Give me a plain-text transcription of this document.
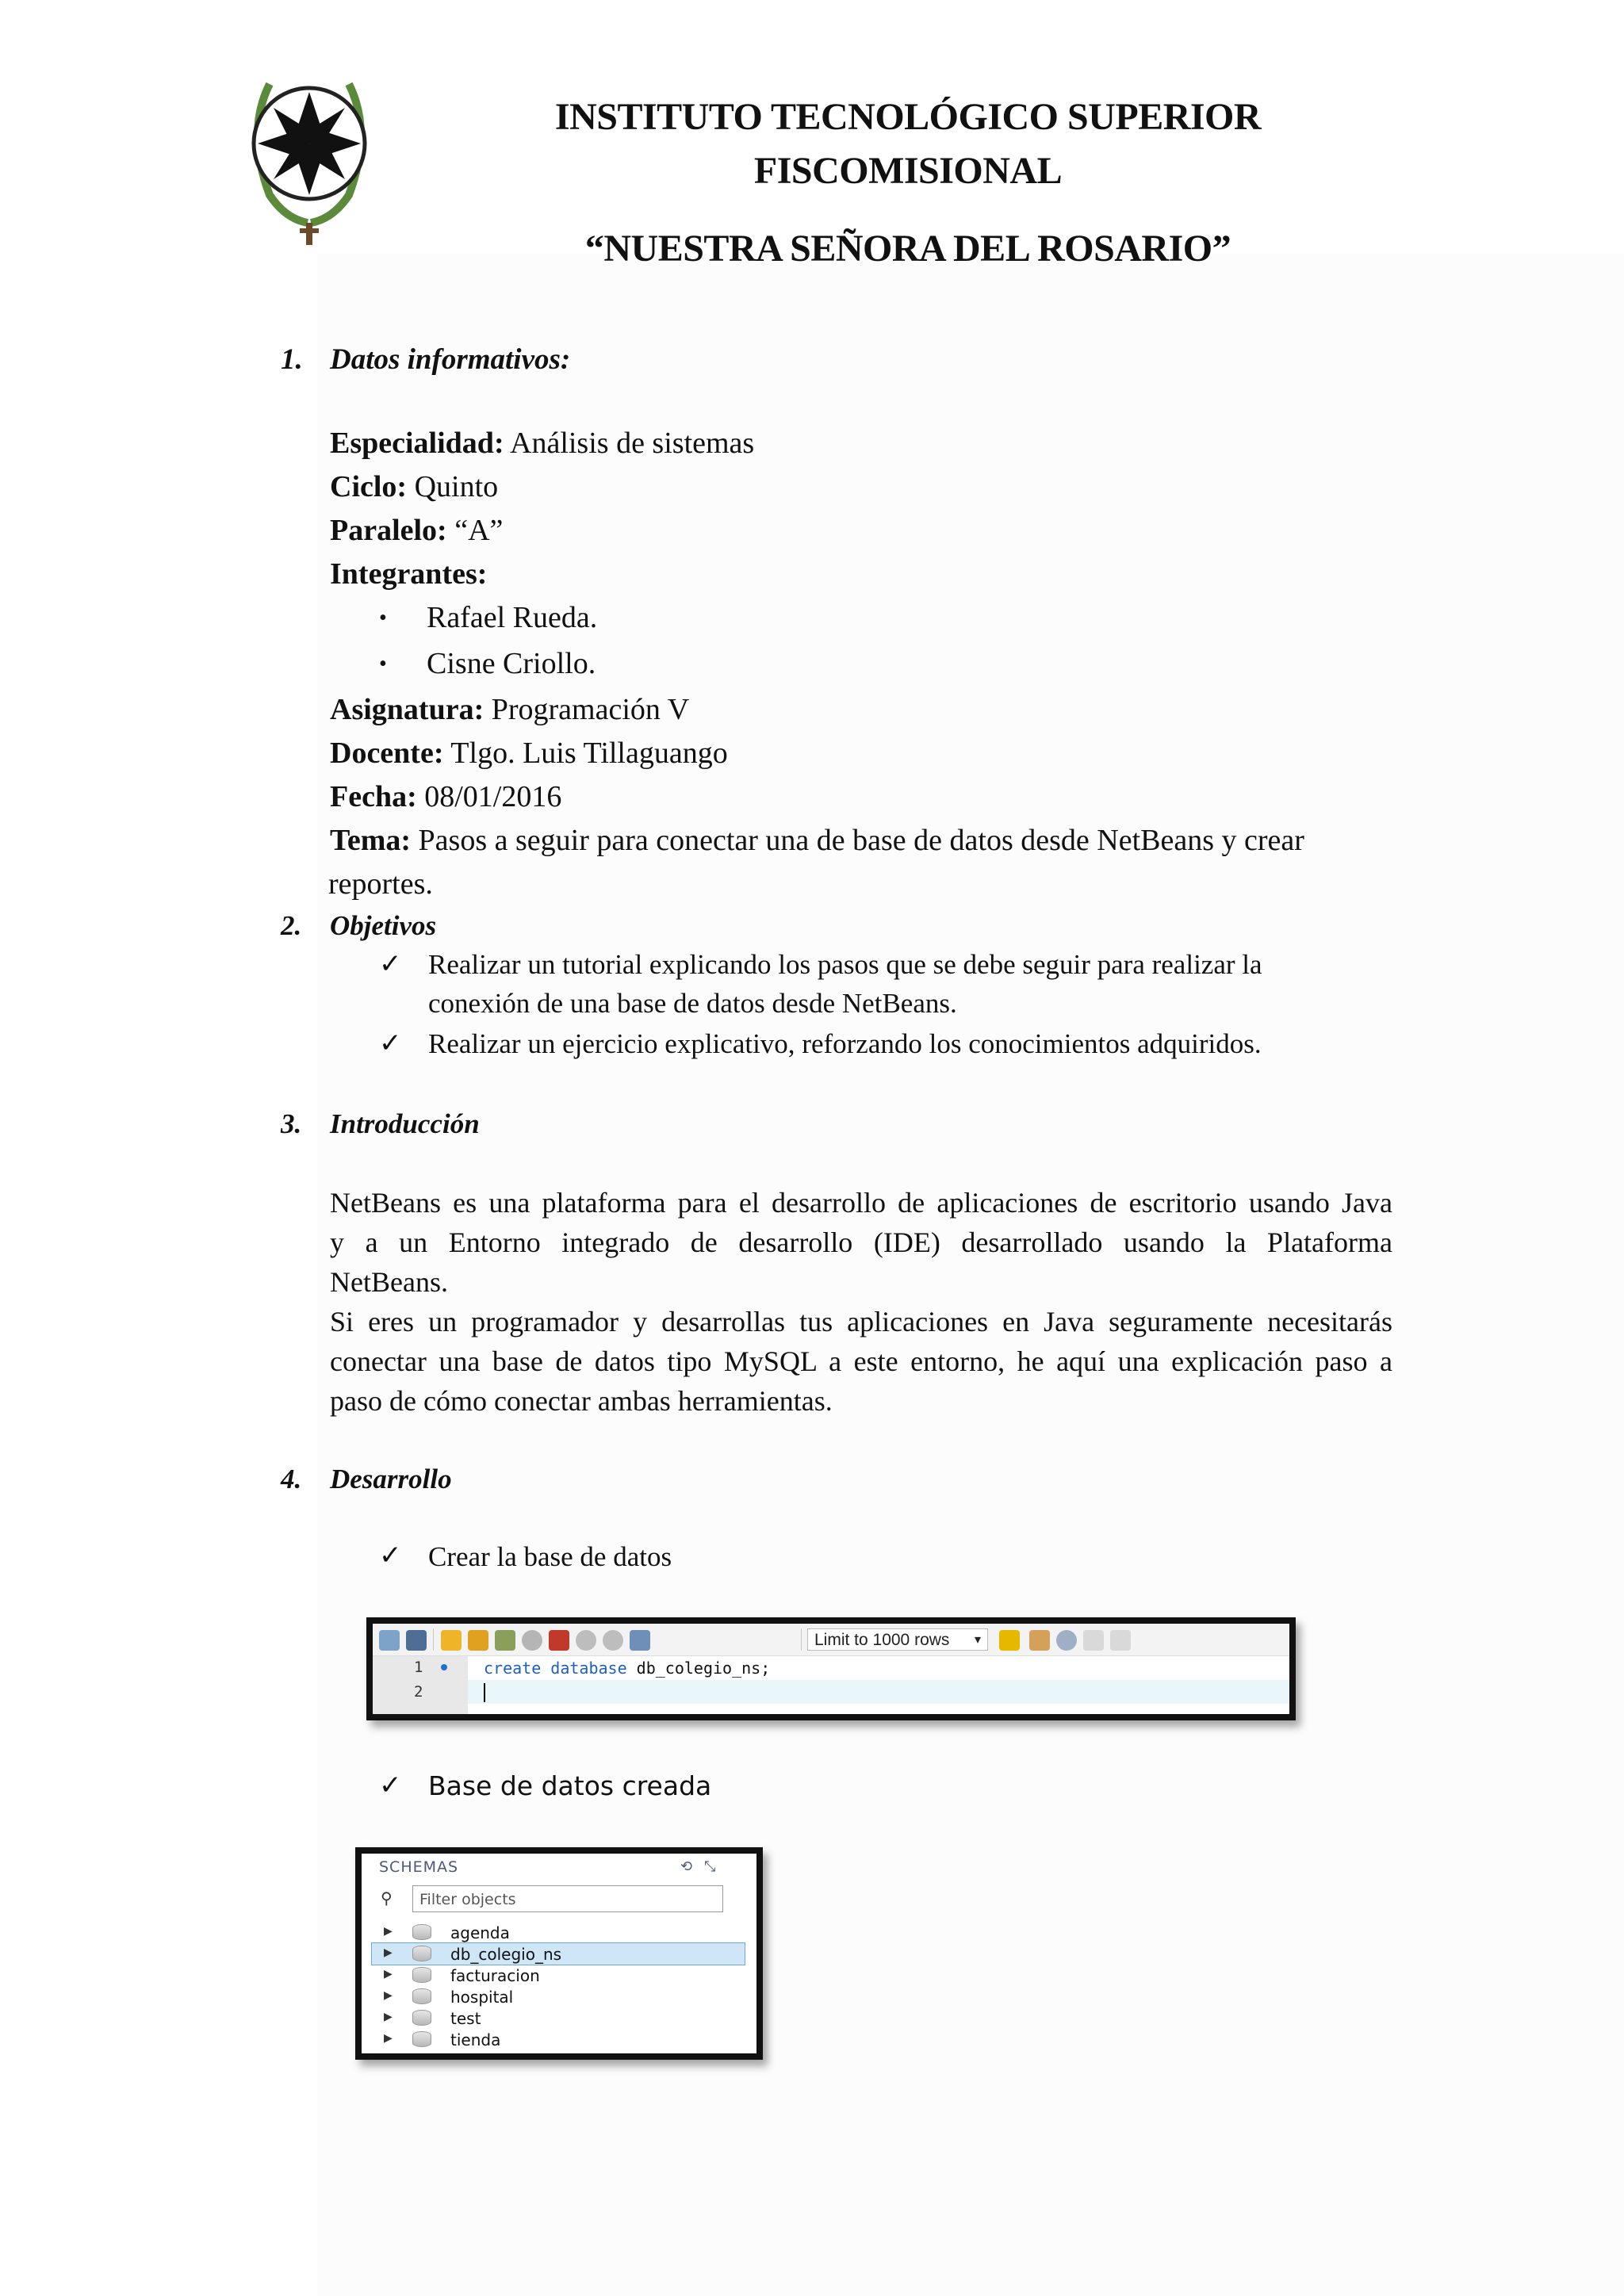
INSTITUTO TECNOLÓGICO SUPERIOR
FISCOMISIONAL
“NUESTRA SEÑORA DEL ROSARIO”
1. Datos informativos:
Especialidad: Análisis de sistemas
Ciclo: Quinto
Paralelo: “A”
Integrantes:
• Rafael Rueda.
• Cisne Criollo.
Asignatura: Programación V
Docente: Tlgo. Luis Tillaguango
Fecha: 08/01/2016
Tema: Pasos a seguir para conectar una de base de datos desde NetBeans y crear
reportes.
2. Objetivos
✓ Realizar un tutorial explicando los pasos que se debe seguir para realizar la
conexión de una base de datos desde NetBeans.
✓ Realizar un ejercicio explicativo, reforzando los conocimientos adquiridos.
3. Introducción
NetBeans es una plataforma para el desarrollo de aplicaciones de escritorio usando Java
y a un Entorno integrado de desarrollo (IDE) desarrollado usando la Plataforma
NetBeans.
Si eres un programador y desarrollas tus aplicaciones en Java seguramente necesitarás
conectar una base de datos tipo MySQL a este entorno, he aquí una explicación paso a
paso de cómo conectar ambas herramientas.
4. Desarrollo
✓ Crear la base de datos
Limit to 1000 rows ▾
1
2
create database db_colegio_ns;
✓ Base de datos creada
SCHEMAS	⟲ ⤡
⚲	Filter objects
▶	agenda
▶	db_colegio_ns
▶	facturacion
▶	hospital
▶	test
▶	tienda
